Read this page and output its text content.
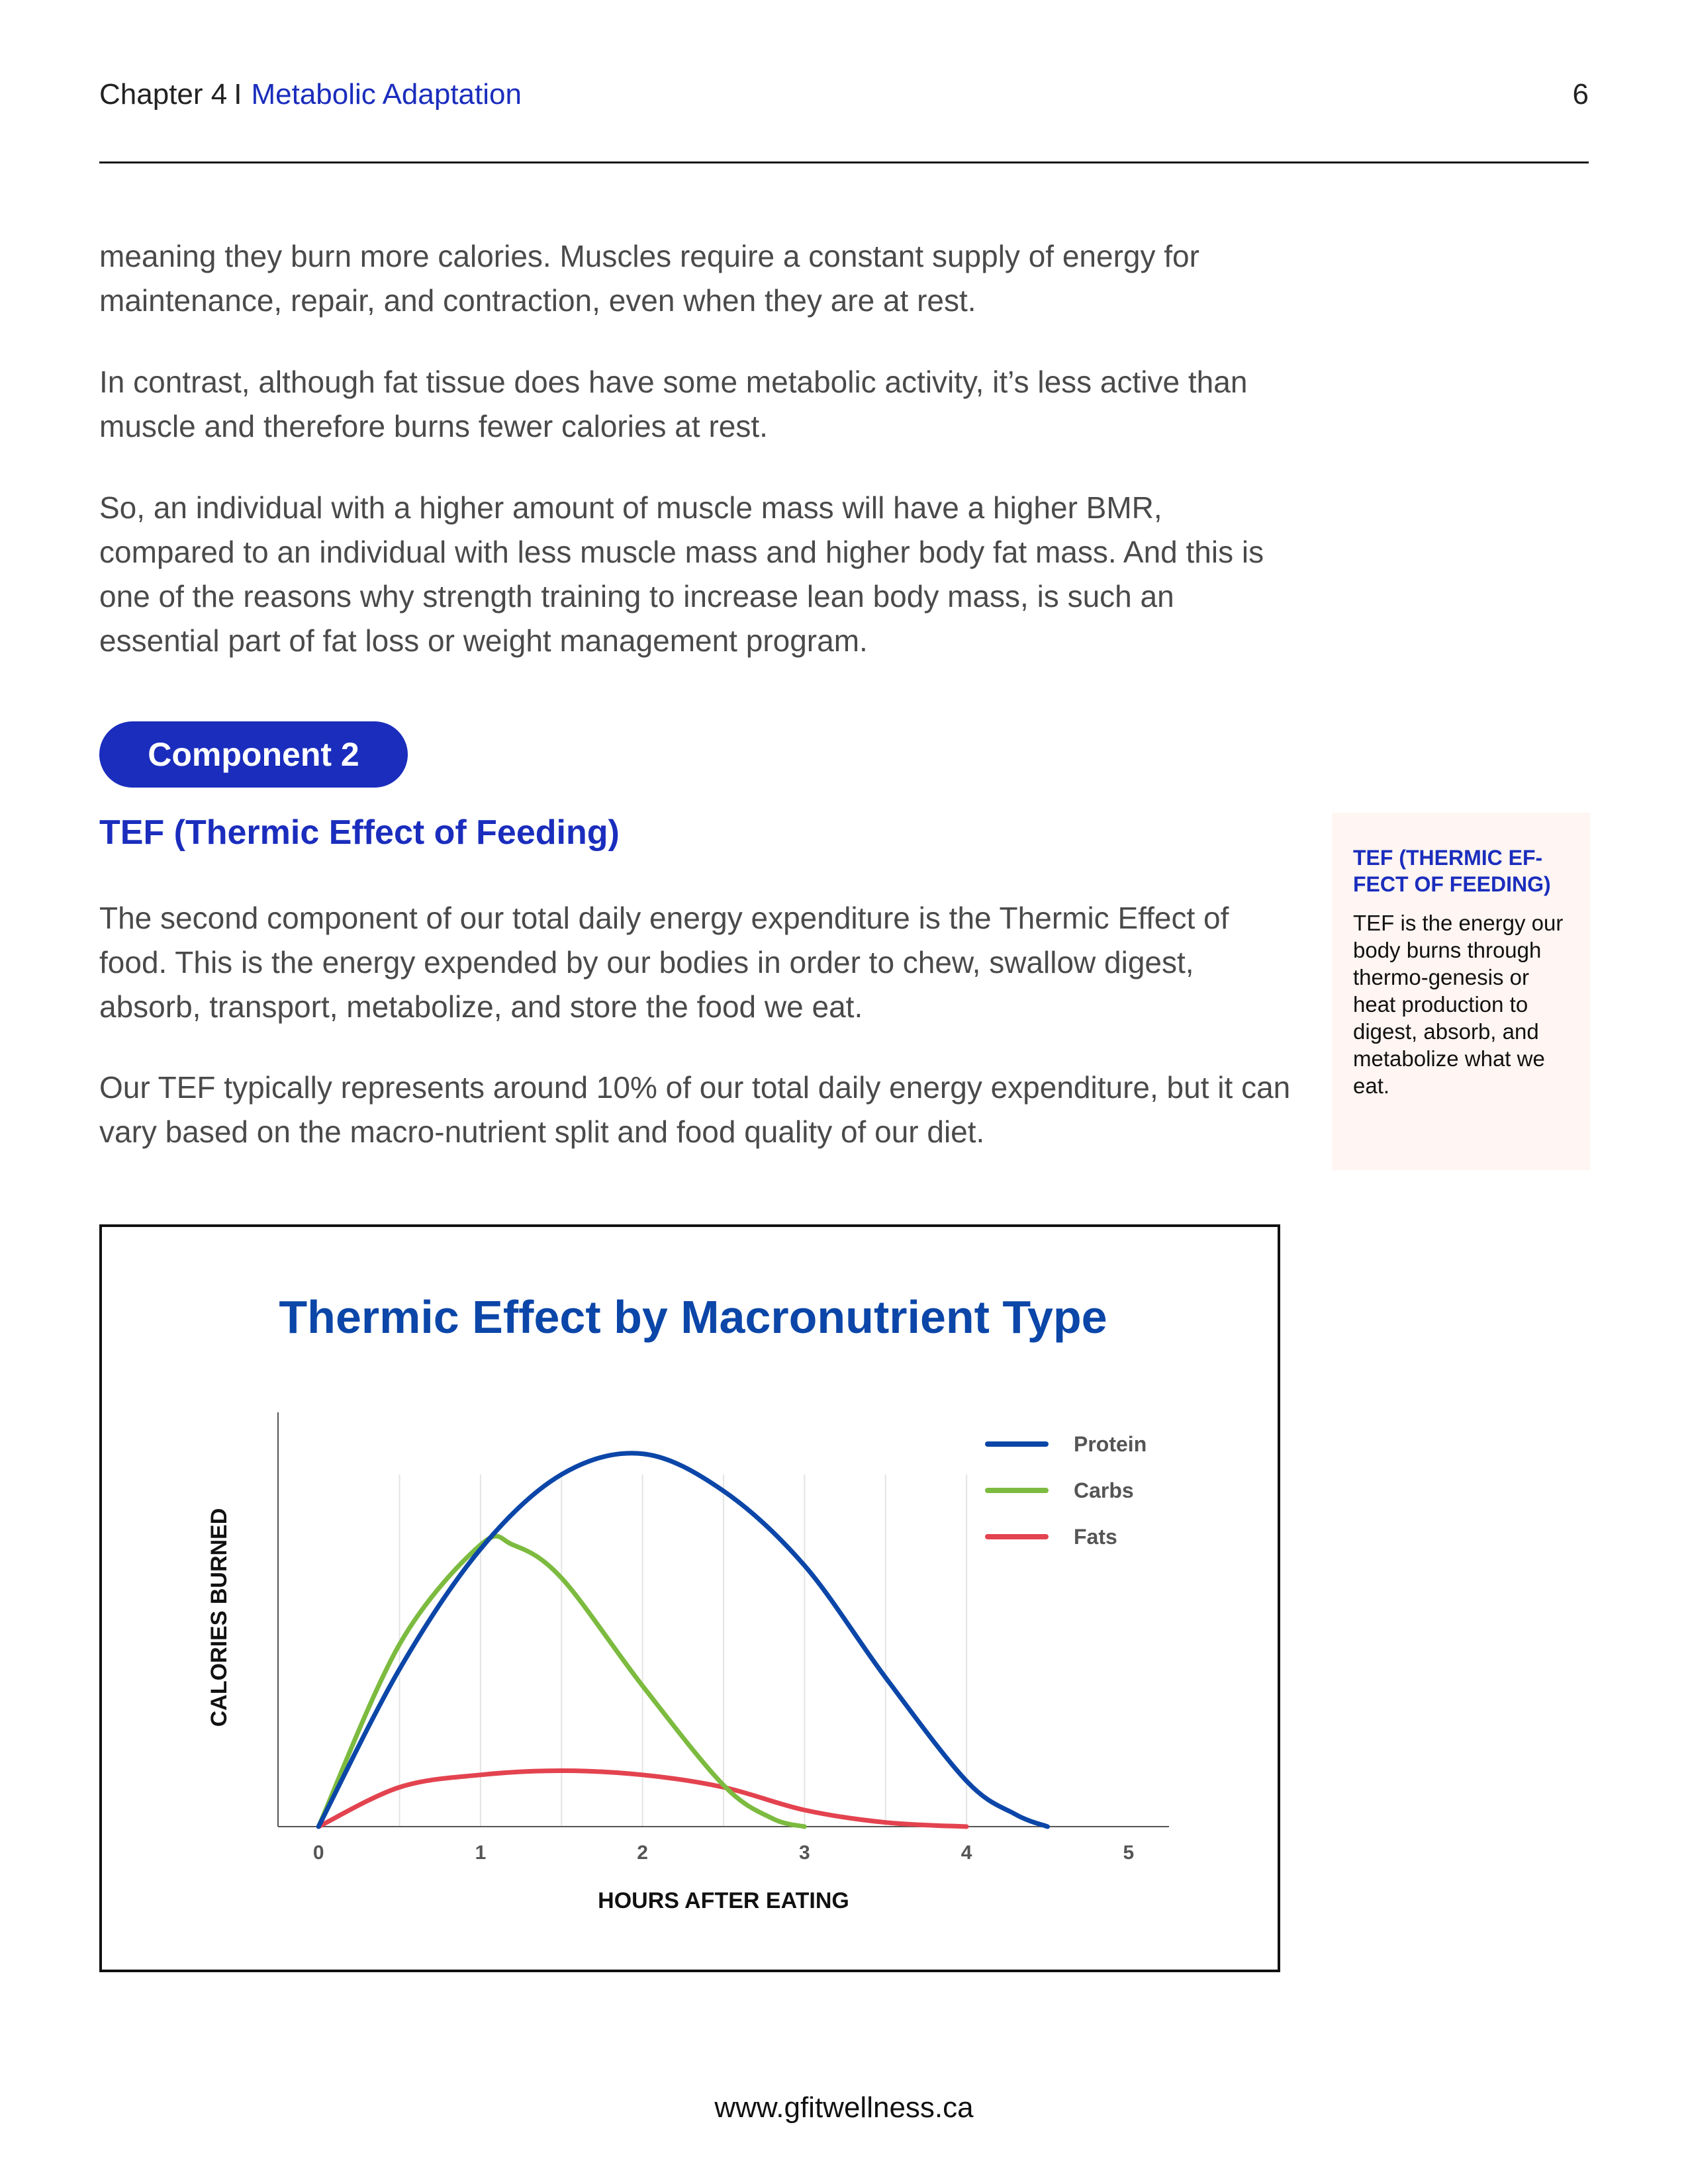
Chapter 4 I Metabolic Adaptation	6

meaning they burn more calories. Muscles require a constant supply of energy for maintenance, repair, and contraction, even when they are at rest.

In contrast, although fat tissue does have some metabolic activity, it’s less active than muscle and therefore burns fewer calories at rest.

So, an individual with a higher amount of muscle mass will have a higher BMR, compared to an individual with less muscle mass and higher body fat mass. And this is one of the reasons why strength training to increase lean body mass, is such an essential part of fat loss or weight management program.

Component 2
TEF (Thermic Effect of Feeding)

The second component of our total daily energy expenditure is the Thermic Effect of food. This is the energy expended by our bodies in order to chew, swallow digest, absorb, transport, metabolize, and store the food we eat.

Our TEF typically represents around 10% of our total daily energy expenditure, but it can vary based on the macro-nutrient split and food quality of our diet.

TEF (THERMIC EF-FECT OF FEEDING)

TEF is the energy our body burns through thermo-genesis or heat production to digest, absorb, and metabolize what we eat.

Thermic Effect by Macronutrient Type
0	1	2	3	4	5
HOURS AFTER EATING
CALORIES BURNED
Protein
Carbs
Fats
www.gfitwellness.ca
